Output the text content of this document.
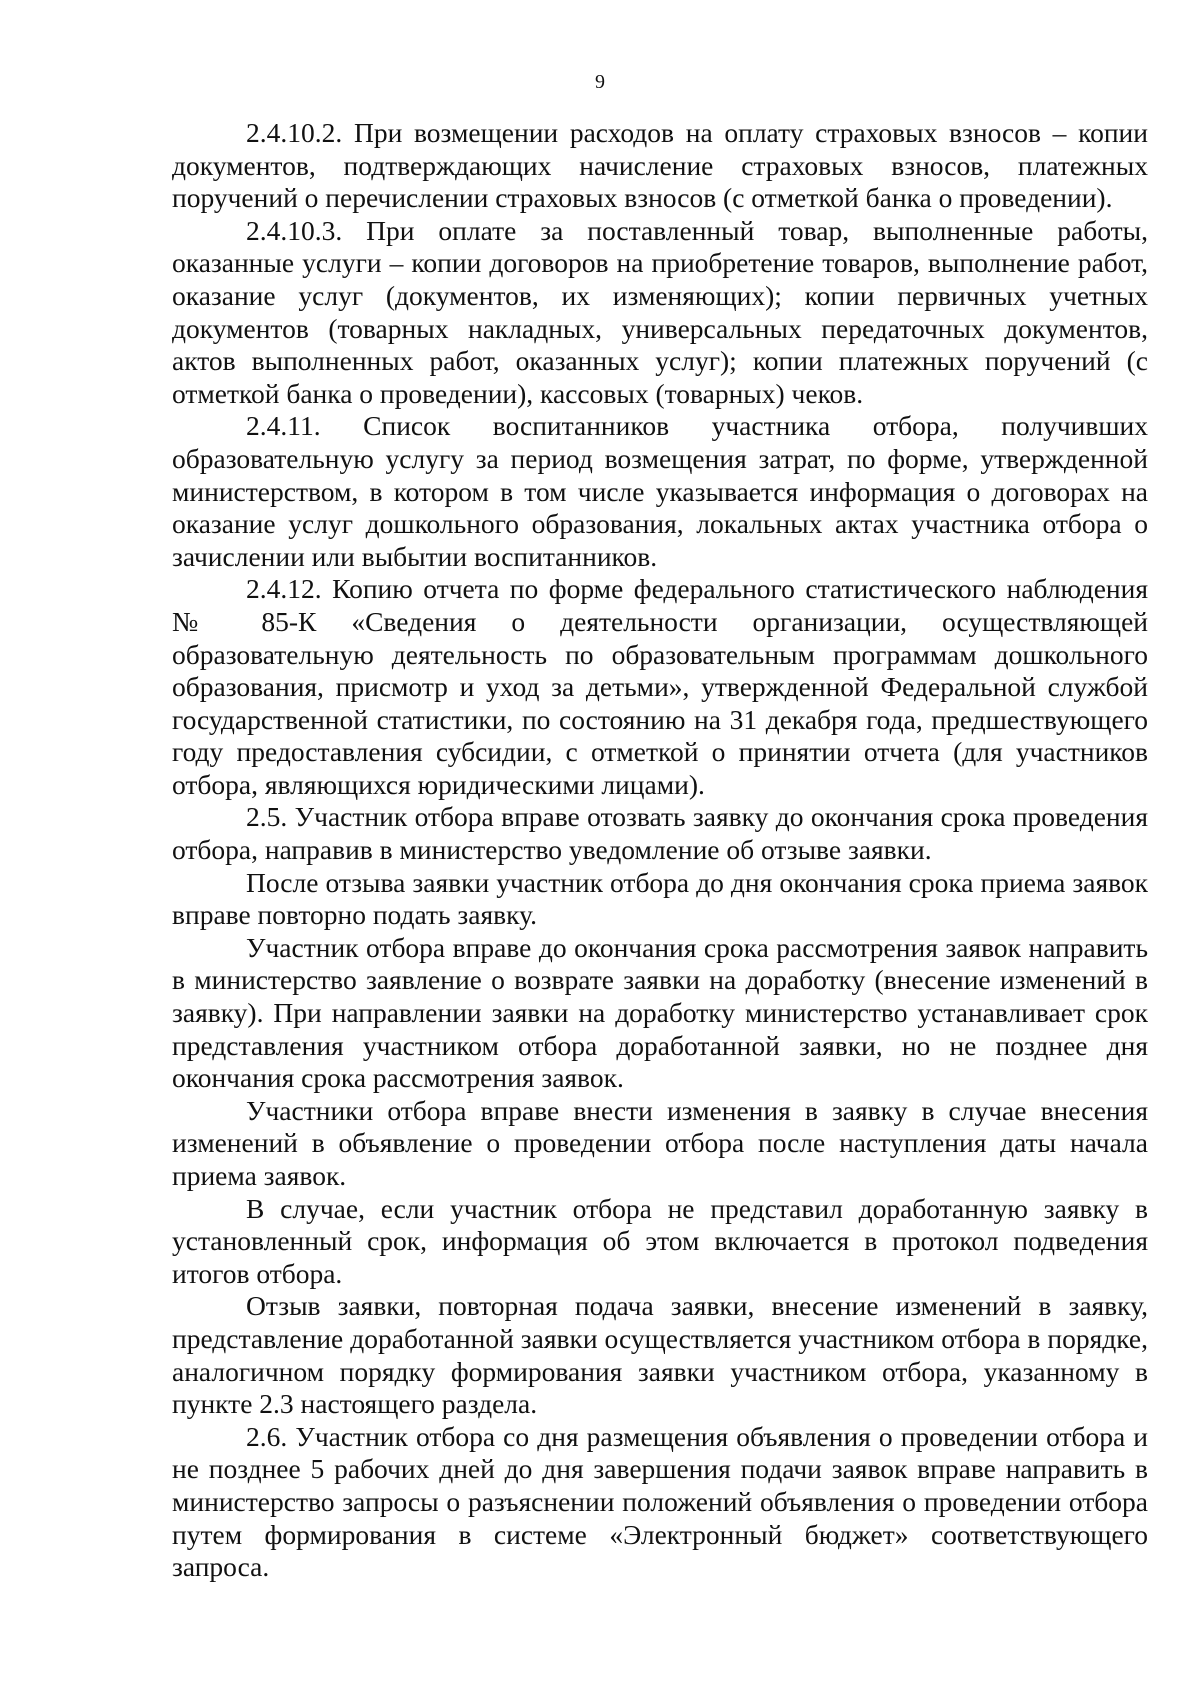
9

2.4.10.2. При возмещении расходов на оплату страховых взносов – копии документов, подтверждающих начисление страховых взносов, платежных поручений о перечислении страховых взносов (с отметкой банка о проведении).

2.4.10.3. При оплате за поставленный товар, выполненные работы, оказанные услуги – копии договоров на приобретение товаров, выполнение работ, оказание услуг (документов, их изменяющих); копии первичных учетных документов (товарных накладных, универсальных передаточных документов, актов выполненных работ, оказанных услуг); копии платежных поручений (с отметкой банка о проведении), кассовых (товарных) чеков.

2.4.11. Список воспитанников участника отбора, получивших образовательную услугу за период возмещения затрат, по форме, утвержденной министерством, в котором в том числе указывается информация о договорах на оказание услуг дошкольного образования, локальных актах участника отбора о зачислении или выбытии воспитанников.

2.4.12. Копию отчета по форме федерального статистического наблюдения № 85-К «Сведения о деятельности организации, осуществляющей образовательную деятельность по образовательным программам дошкольного образования, присмотр и уход за детьми», утвержденной Федеральной службой государственной статистики, по состоянию на 31 декабря года, предшествующего году предоставления субсидии, с отметкой о принятии отчета (для участников отбора, являющихся юридическими лицами).

2.5. Участник отбора вправе отозвать заявку до окончания срока проведения отбора, направив в министерство уведомление об отзыве заявки.

После отзыва заявки участник отбора до дня окончания срока приема заявок вправе повторно подать заявку.

Участник отбора вправе до окончания срока рассмотрения заявок направить в министерство заявление о возврате заявки на доработку (внесение изменений в заявку). При направлении заявки на доработку министерство устанавливает срок представления участником отбора доработанной заявки, но не позднее дня окончания срока рассмотрения заявок.

Участники отбора вправе внести изменения в заявку в случае внесения изменений в объявление о проведении отбора после наступления даты начала приема заявок.

В случае, если участник отбора не представил доработанную заявку в установленный срок, информация об этом включается в протокол подведения итогов отбора.

Отзыв заявки, повторная подача заявки, внесение изменений в заявку, представление доработанной заявки осуществляется участником отбора в порядке, аналогичном порядку формирования заявки участником отбора, указанному в пункте 2.3 настоящего раздела.

2.6. Участник отбора со дня размещения объявления о проведении отбора и не позднее 5 рабочих дней до дня завершения подачи заявок вправе направить в министерство запросы о разъяснении положений объявления о проведении отбора путем формирования в системе «Электронный бюджет» соответствующего запроса.
